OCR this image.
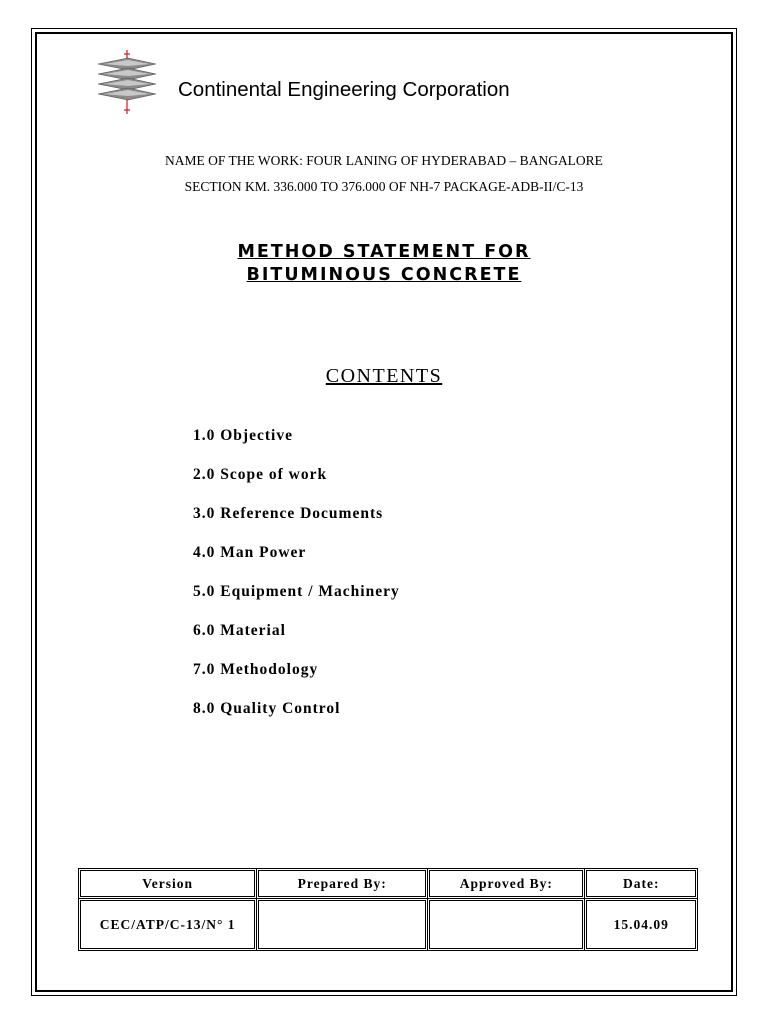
Continental Engineering Corporation
NAME OF THE WORK: FOUR LANING OF HYDERABAD – BANGALORE
SECTION KM. 336.000 TO 376.000 OF NH-7 PACKAGE-ADB-II/C-13
METHOD STATEMENT FOR
BITUMINOUS CONCRETE
CONTENTS
1.0 Objective
2.0 Scope of work
3.0 Reference Documents
4.0 Man Power
5.0 Equipment / Machinery
6.0 Material
7.0 Methodology
8.0 Quality Control
Version	Prepared By:	Approved By:	Date:
CEC/ATP/C-13/N° 1			15.04.09
